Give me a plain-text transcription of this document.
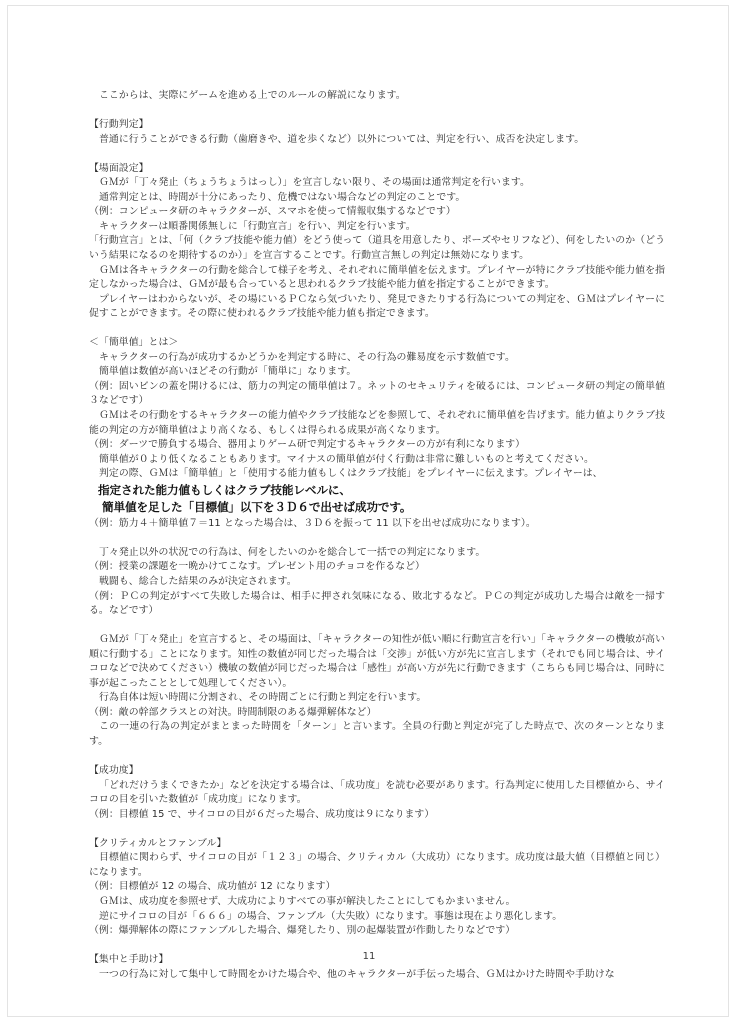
ここからは、実際にゲームを進める上でのルールの解説になります。

【行動判定】

普通に行うことができる行動（歯磨きや、道を歩くなど）以外については、判定を行い、成否を決定します。

【場面設定】

ＧＭが「丁々発止（ちょうちょうはっし）」を宣言しない限り、その場面は通常判定を行います。

通常判定とは、時間が十分にあったり、危機ではない場合などの判定のことです。

（例：コンピュータ研のキャラクターが、スマホを使って情報収集するなどです）

キャラクターは順番関係無しに「行動宣言」を行い、判定を行います。

「行動宣言」とは、「何（クラブ技能や能力値）をどう使って（道具を用意したり、ポーズやセリフなど）、何をしたいのか（どういう結果になるのを期待するのか）」を宣言することです。行動宣言無しの判定は無効になります。

ＧＭは各キャラクターの行動を総合して様子を考え、それぞれに簡単値を伝えます。プレイヤーが特にクラブ技能や能力値を指定しなかった場合は、ＧＭが最も合っていると思われるクラブ技能や能力値を指定することができます。

プレイヤーはわからないが、その場にいるＰＣなら気づいたり、発見できたりする行為についての判定を、ＧＭはプレイヤーに促すことができます。その際に使われるクラブ技能や能力値も指定できます。

＜「簡単値」とは＞

キャラクターの行為が成功するかどうかを判定する時に、その行為の難易度を示す数値です。

簡単値は数値が高いほどその行動が「簡単に」なります。

（例：固いビンの蓋を開けるには、筋力の判定の簡単値は７。ネットのセキュリティを破るには、コンピュータ研の判定の簡単値３などです）

ＧＭはその行動をするキャラクターの能力値やクラブ技能などを参照して、それぞれに簡単値を告げます。能力値よりクラブ技能の判定の方が簡単値はより高くなる、もしくは得られる成果が高くなります。

（例：ダーツで勝負する場合、器用よりゲーム研で判定するキャラクターの方が有利になります）

簡単値が０より低くなることもあります。マイナスの簡単値が付く行動は非常に難しいものと考えてください。

判定の際、ＧＭは「簡単値」と「使用する能力値もしくはクラブ技能」をプレイヤーに伝えます。プレイヤーは、

指定された能力値もしくはクラブ技能レベルに、

簡単値を足した「目標値」以下を３Ｄ６で出せば成功です。

（例：筋力４＋簡単値７＝11 となった場合は、３Ｄ６を振って 11 以下を出せば成功になります）。

丁々発止以外の状況での行為は、何をしたいのかを総合して一括での判定になります。

（例：授業の課題を一晩かけてこなす。プレゼント用のチョコを作るなど）

戦闘も、総合した結果のみが決定されます。

（例：ＰＣの判定がすべて失敗した場合は、相手に押され気味になる、敗北するなど。ＰＣの判定が成功した場合は敵を一掃する。などです）

ＧＭが「丁々発止」を宣言すると、その場面は、「キャラクターの知性が低い順に行動宣言を行い」「キャラクターの機敏が高い順に行動する」ことになります。知性の数値が同じだった場合は「交渉」が低い方が先に宣言します（それでも同じ場合は、サイコロなどで決めてください）機敏の数値が同じだった場合は「感性」が高い方が先に行動できます（こちらも同じ場合は、同時に事が起こったこととして処理してください）。

行為自体は短い時間に分割され、その時間ごとに行動と判定を行います。

（例：敵の幹部クラスとの対決。時間制限のある爆弾解体など）

この一連の行為の判定がまとまった時間を「ターン」と言います。全員の行動と判定が完了した時点で、次のターンとなります。

【成功度】

「どれだけうまくできたか」などを決定する場合は、「成功度」を読む必要があります。行為判定に使用した目標値から、サイコロの目を引いた数値が「成功度」になります。

（例：目標値 15 で、サイコロの目が６だった場合、成功度は９になります）

【クリティカルとファンブル】

目標値に関わらず、サイコロの目が「１２３」の場合、クリティカル（大成功）になります。成功度は最大値（目標値と同じ）になります。

（例：目標値が 12 の場合、成功値が 12 になります）

ＧＭは、成功度を参照せず、大成功によりすべての事が解決したことにしてもかまいません。

逆にサイコロの目が「６６６」の場合、ファンブル（大失敗）になります。事態は現在より悪化します。

（例：爆弾解体の際にファンブルした場合、爆発したり、別の起爆装置が作動したりなどです）

【集中と手助け】

一つの行為に対して集中して時間をかけた場合や、他のキャラクターが手伝った場合、ＧＭはかけた時間や手助けな

11
